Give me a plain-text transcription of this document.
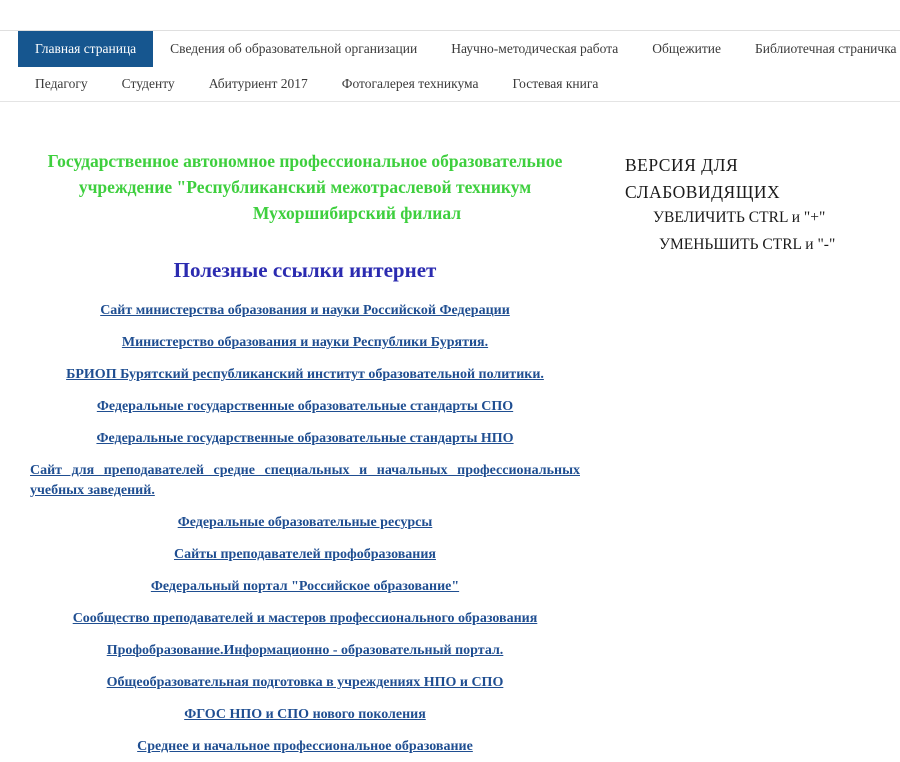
Главная страница	Сведения об образовательной организации	Научно-методическая работа	Общежитие	Библиотечная страничка
Педагогу	Студенту	Абитуриент 2017	Фотогалерея техникума	Гостевая книга
Государственное автономное профессиональное образовательное
учреждение "Республиканский межотраслевой техникум
Мухоршибирский филиал
Полезные ссылки интернет
Сайт министерства образования и науки Российской Федерации
Министерство образования и науки Республики Бурятия.
БРИОП Бурятский республиканский институт образовательной политики.
Федеральные государственные образовательные стандарты СПО
Федеральные государственные образовательные стандарты НПО
Сайт для преподавателей средне специальных и начальных профессиональных учебных заведений.
Федеральные образовательные ресурсы
Сайты преподавателей профобразования
Федеральный портал "Российское образование"
Сообщество преподавателей и мастеров профессионального образования
Профобразование.Информационно - образовательный портал.
Общеобразовательная подготовка в учреждениях НПО и СПО
ФГОС НПО и СПО нового поколения
Среднее и начальное профессиональное образование
ВЕРСИЯ ДЛЯ
СЛАБОВИДЯЩИХ
УВЕЛИЧИТЬ CTRL и "+"
УМЕНЬШИТЬ CTRL и "-"
